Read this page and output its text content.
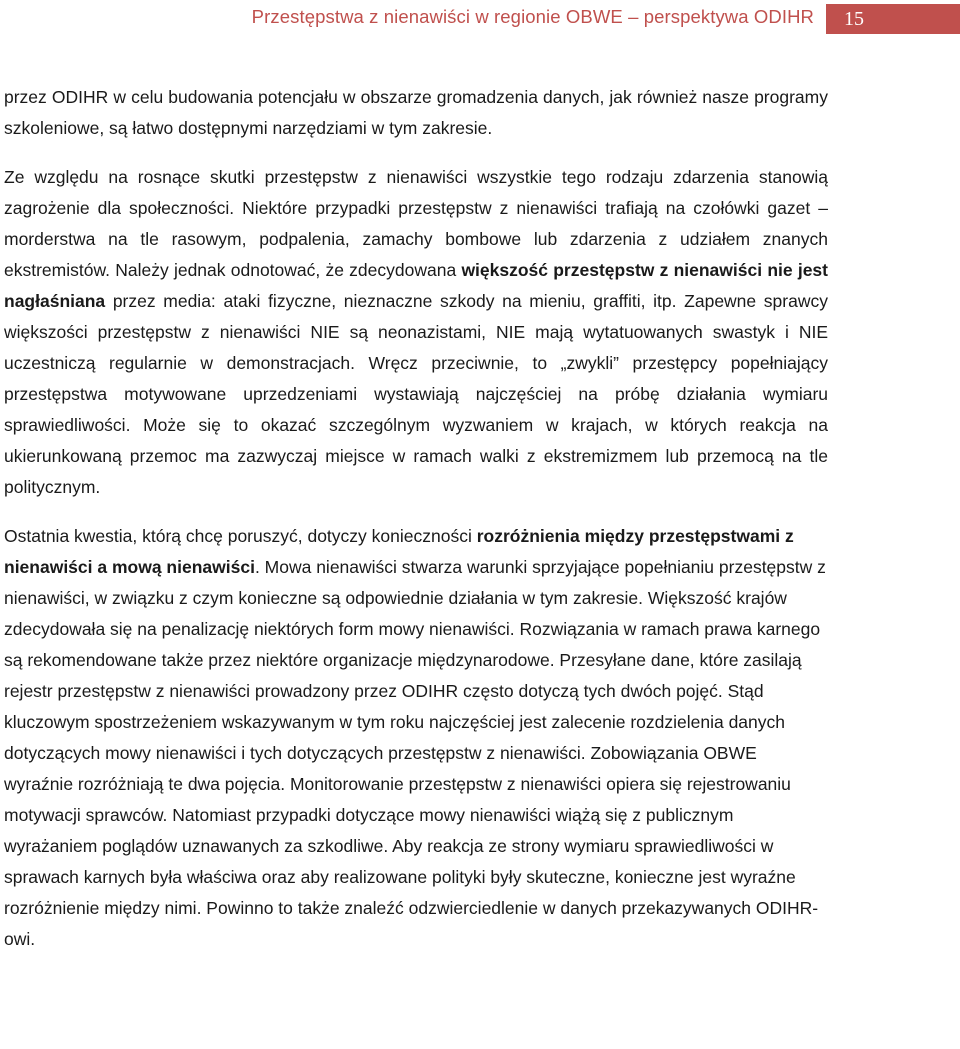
Przestępstwa z nienawiści w regionie OBWE – perspektywa ODIHR	15

przez ODIHR w celu budowania potencjału w obszarze gromadzenia danych, jak również nasze programy szkoleniowe, są łatwo dostępnymi narzędziami w tym zakresie.

Ze względu na rosnące skutki przestępstw z nienawiści wszystkie tego rodzaju zdarzenia stanowią zagrożenie dla społeczności. Niektóre przypadki przestępstw z nienawiści trafiają na czołówki gazet – morderstwa na tle rasowym, podpalenia, zamachy bombowe lub zdarzenia z udziałem znanych ekstremistów. Należy jednak odnotować, że zdecydowana większość przestępstw z nienawiści nie jest nagłaśniana przez media: ataki fizyczne, nieznaczne szkody na mieniu, graffiti, itp. Zapewne sprawcy większości przestępstw z nienawiści NIE są neonazistami, NIE mają wytatuowanych swastyk i NIE uczestniczą regularnie w demonstracjach. Wręcz przeciwnie, to „zwykli” przestępcy popełniający przestępstwa motywowane uprzedzeniami wystawiają najczęściej na próbę działania wymiaru sprawiedliwości. Może się to okazać szczególnym wyzwaniem w krajach, w których reakcja na ukierunkowaną przemoc ma zazwyczaj miejsce w ramach walki z ekstremizmem lub przemocą na tle politycznym.

Ostatnia kwestia, którą chcę poruszyć, dotyczy konieczności rozróżnienia między przestępstwami z nienawiści a mową nienawiści. Mowa nienawiści stwarza warunki sprzyjające popełnianiu przestępstw z nienawiści, w związku z czym konieczne są odpowiednie działania w tym zakresie. Większość krajów zdecydowała się na penalizację niektórych form mowy nienawiści. Rozwiązania w ramach prawa karnego są rekomendowane także przez niektóre organizacje międzynarodowe. Przesyłane dane, które zasilają rejestr przestępstw z nienawiści prowadzony przez ODIHR często dotyczą tych dwóch pojęć. Stąd kluczowym spostrzeżeniem wskazywanym w tym roku najczęściej jest zalecenie rozdzielenia danych dotyczących mowy nienawiści i tych dotyczących przestępstw z nienawiści. Zobowiązania OBWE wyraźnie rozróżniają te dwa pojęcia. Monitorowanie przestępstw z nienawiści opiera się rejestrowaniu motywacji sprawców. Natomiast przypadki dotyczące mowy nienawiści wiążą się z publicznym wyrażaniem poglądów uznawanych za szkodliwe. Aby reakcja ze strony wymiaru sprawiedliwości w sprawach karnych była właściwa oraz aby realizowane polityki były skuteczne, konieczne jest wyraźne rozróżnienie między nimi. Powinno to także znaleźć odzwierciedlenie w danych przekazywanych ODIHR-owi.
